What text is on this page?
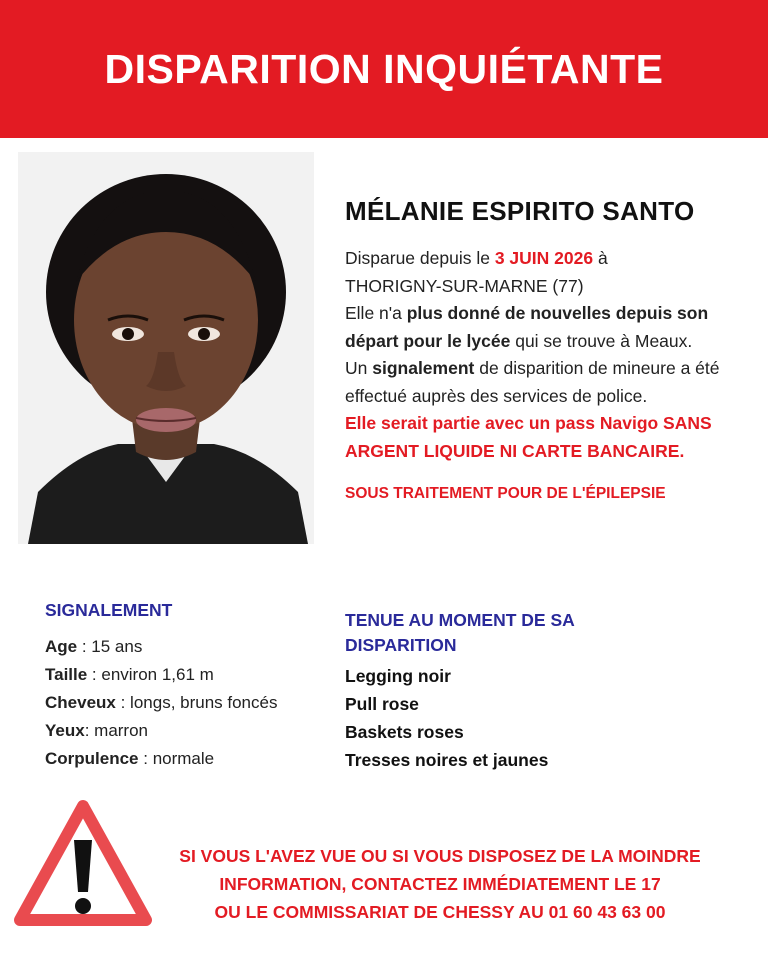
DISPARITION INQUIÉTANTE
MÉLANIE ESPIRITO SANTO

Disparue depuis le 3 JUIN 2026 à

THORIGNY-SUR-MARNE (77)

Elle n'a plus donné de nouvelles depuis son départ pour le lycée qui se trouve à Meaux.

Un signalement de disparition de mineure a été effectué auprès des services de police.

Elle serait partie avec un pass Navigo SANS ARGENT LIQUIDE NI CARTE BANCAIRE.
SOUS TRAITEMENT POUR DE L'ÉPILEPSIE
SIGNALEMENT
Age : 15 ans
Taille : environ 1,61 m
Cheveux : longs, bruns foncés
Yeux: marron
Corpulence : normale
TENUE AU MOMENT DE SA DISPARITION
Legging noir
Pull rose
Baskets roses
Tresses noires et jaunes
SI VOUS L'AVEZ VUE OU SI VOUS DISPOSEZ DE LA MOINDRE
INFORMATION, CONTACTEZ IMMÉDIATEMENT LE 17
OU LE COMMISSARIAT DE CHESSY AU 01 60 43 63 00
